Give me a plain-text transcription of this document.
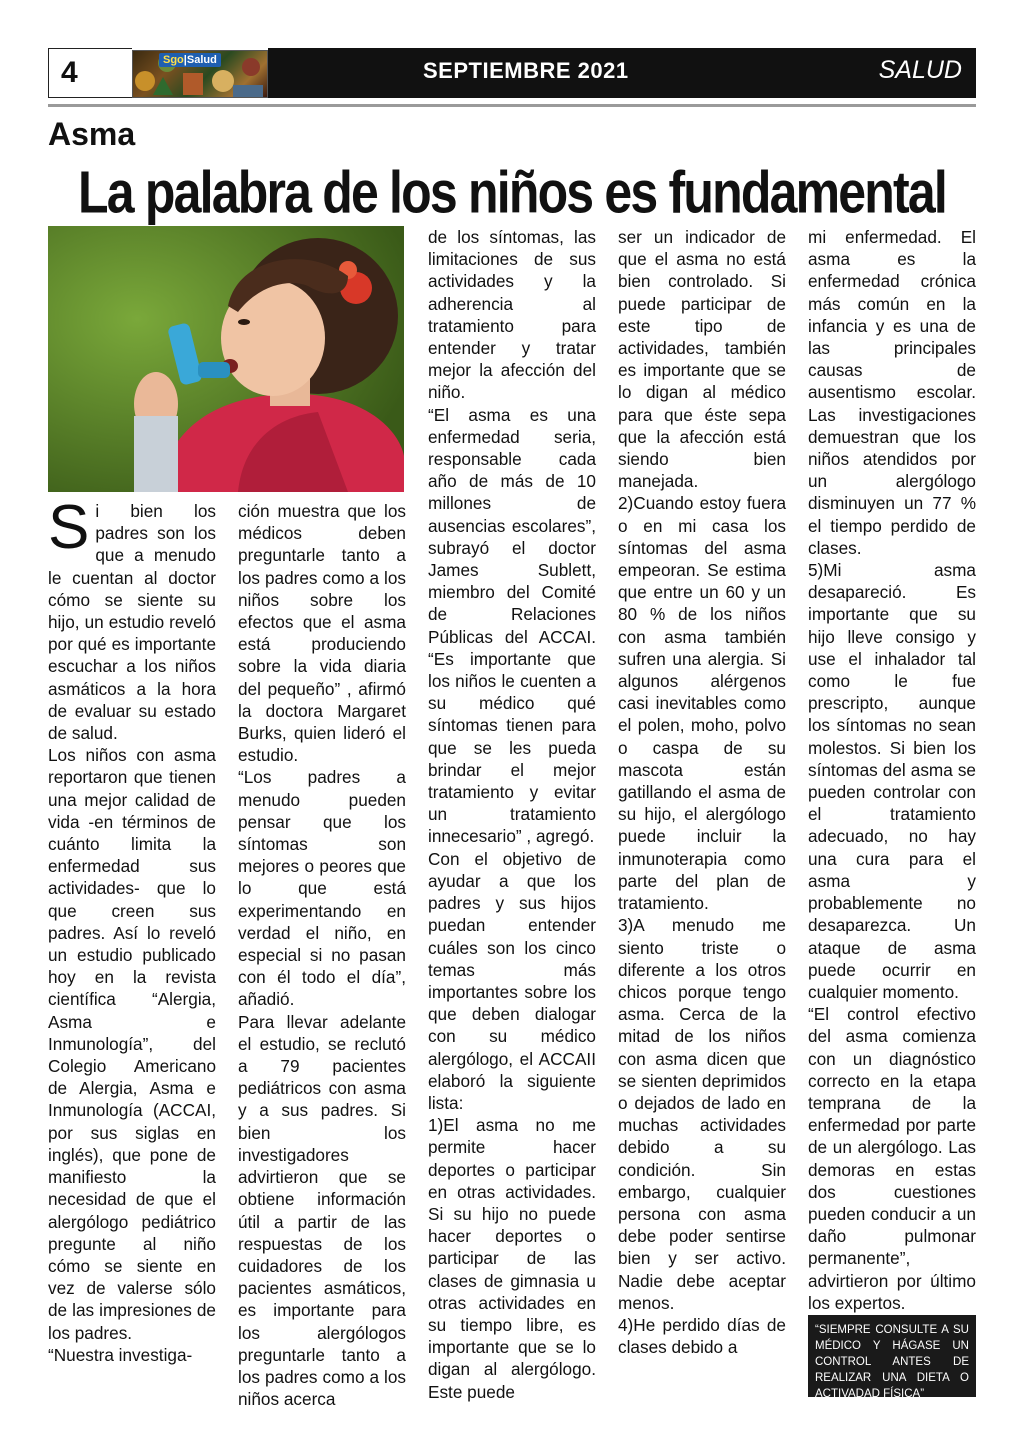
4	Sgo|Salud	SEPTIEMBRE 2021	SALUD
Asma
La palabra de los niños es fundamental
S i bien los padres son los que a menudo le cuentan al doctor cómo se siente su hijo, un estudio reveló por qué es importante escuchar a los niños asmáticos a la hora de evaluar su estado de salud.

Los niños con asma reportaron que tienen una mejor calidad de vida -en términos de cuánto limita la enfermedad sus actividades- que lo que creen sus padres. Así lo reveló un estudio publicado hoy en la revista científica “Alergia, Asma e Inmunología”, del Colegio Americano de Alergia, Asma e Inmunología (ACCAI, por sus siglas en inglés), que pone de manifiesto la necesidad de que el alergólogo pediátrico pregunte al niño cómo se siente en vez de valerse sólo de las impresiones de los padres.

“Nuestra investiga-

ción muestra que los médicos deben preguntarle tanto a los padres como a los niños sobre los efectos que el asma está produciendo sobre la vida diaria del pequeño” , afirmó la doctora Margaret Burks, quien lideró el estudio.

“Los padres a menudo pueden pensar que los síntomas son mejores o peores que lo que está experimentando en verdad el niño, en especial si no pasan con él todo el día”, añadió.

Para llevar adelante el estudio, se reclutó a 79 pacientes pediátricos con asma y a sus padres. Si bien los investigadores advirtieron que se obtiene información útil a partir de las respuestas de los cuidadores de los pacientes asmáticos, es importante para los alergólogos preguntarle tanto a los padres como a los niños acerca

de los síntomas, las limitaciones de sus actividades y la adherencia al tratamiento para entender y tratar mejor la afección del niño.

“El asma es una enfermedad seria, responsable cada año de más de 10 millones de ausencias escolares”, subrayó el doctor James Sublett, miembro del Comité de Relaciones Públicas del ACCAI. “Es importante que los niños le cuenten a su médico qué síntomas tienen para que se les pueda brindar el mejor tratamiento y evitar un tratamiento innecesario” , agregó.

Con el objetivo de ayudar a que los padres y sus hijos puedan entender cuáles son los cinco temas más importantes sobre los que deben dialogar con su médico alergólogo, el ACCAII elaboró la siguiente lista:

1)El asma no me permite hacer deportes o participar en otras actividades. Si su hijo no puede hacer deportes o participar de las clases de gimnasia u otras actividades en su tiempo libre, es importante que se lo digan al alergólogo. Este puede

ser un indicador de que el asma no está bien controlado. Si puede participar de este tipo de actividades, también es importante que se lo digan al médico para que éste sepa que la afección está siendo bien manejada.

2)Cuando estoy fuera o en mi casa los síntomas del asma empeoran. Se estima que entre un 60 y un 80 % de los niños con asma también sufren una alergia. Si algunos alérgenos casi inevitables como el polen, moho, polvo o caspa de su mascota están gatillando el asma de su hijo, el alergólogo puede incluir la inmunoterapia como parte del plan de tratamiento.

3)A menudo me siento triste o diferente a los otros chicos porque tengo asma. Cerca de la mitad de los niños con asma dicen que se sienten deprimidos o dejados de lado en muchas actividades debido a su condición. Sin embargo, cualquier persona con asma debe poder sentirse bien y ser activo. Nadie debe aceptar menos.

4)He perdido días de clases debido a

mi enfermedad. El asma es la enfermedad crónica más común en la infancia y es una de las principales causas de ausentismo escolar. Las investigaciones demuestran que los niños atendidos por un alergólogo disminuyen un 77 % el tiempo perdido de clases.

5)Mi asma desapareció. Es importante que su hijo lleve consigo y use el inhalador tal como le fue prescripto, aunque los síntomas no sean molestos. Si bien los síntomas del asma se pueden controlar con el tratamiento adecuado, no hay una cura para el asma y probablemente no desaparezca. Un ataque de asma puede ocurrir en cualquier momento.

“El control efectivo del asma comienza con un diagnóstico correcto en la etapa temprana de la enfermedad por parte de un alergólogo. Las demoras en estas dos cuestiones pueden conducir a un daño pulmonar permanente”, advirtieron por último los expertos.

“SIEMPRE CONSULTE A SU MÉDICO Y HÁGASE UN CONTROL ANTES DE REALIZAR UNA DIETA O ACTIVADAD FÍSICA”
